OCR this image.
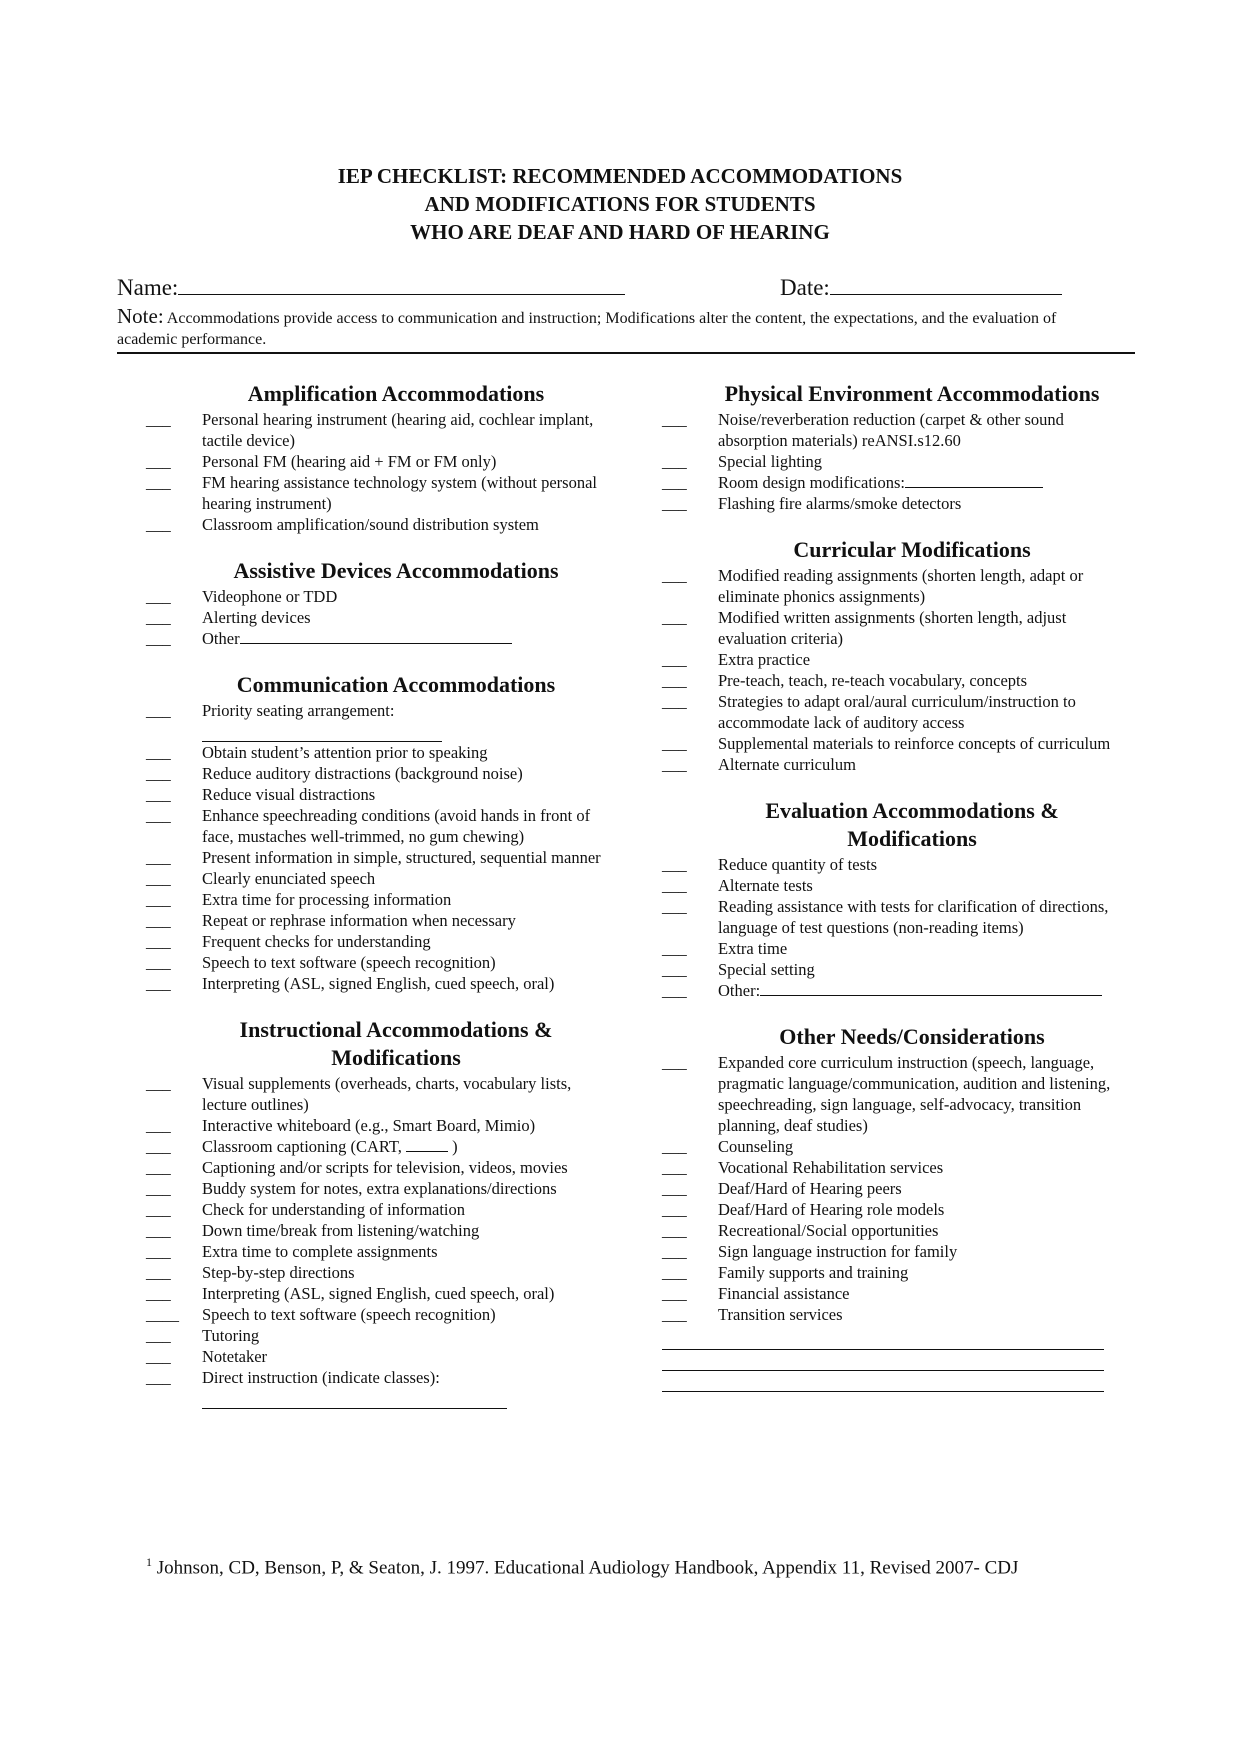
IEP CHECKLIST: RECOMMENDED ACCOMMODATIONS
AND MODIFICATIONS FOR STUDENTS
WHO ARE DEAF AND HARD OF HEARING
Name:	Date:
Note: Accommodations provide access to communication and instruction; Modifications alter the content, the expectations, and the evaluation of academic performance.
Amplification Accommodations
___ Personal hearing instrument (hearing aid, cochlear implant, tactile device)
___ Personal FM (hearing aid + FM or FM only)
___ FM hearing assistance technology system (without personal hearing instrument)
___ Classroom amplification/sound distribution system
Assistive Devices Accommodations
___ Videophone or TDD
___ Alerting devices
___ Other
Communication Accommodations
___ Priority seating arrangement:
___ Obtain student’s attention prior to speaking
___ Reduce auditory distractions (background noise)
___ Reduce visual distractions
___ Enhance speechreading conditions (avoid hands in front of face, mustaches well-trimmed, no gum chewing)
___ Present information in simple, structured, sequential manner
___ Clearly enunciated speech
___ Extra time for processing information
___ Repeat or rephrase information when necessary
___ Frequent checks for understanding
___ Speech to text software (speech recognition)
___ Interpreting (ASL, signed English, cued speech, oral)
Instructional Accommodations &
Modifications
___ Visual supplements (overheads, charts, vocabulary lists, lecture outlines)
___ Interactive whiteboard (e.g., Smart Board, Mimio)
___ Classroom captioning (CART,	)
___ Captioning and/or scripts for television, videos, movies
___ Buddy system for notes, extra explanations/directions
___ Check for understanding of information
___ Down time/break from listening/watching
___ Extra time to complete assignments
___ Step-by-step directions
___ Interpreting (ASL, signed English, cued speech, oral)
____ Speech to text software (speech recognition)
___ Tutoring
___ Notetaker
___ Direct instruction (indicate classes):
Physical Environment Accommodations
___ Noise/reverberation reduction (carpet & other sound absorption materials) reANSI.s12.60
___ Special lighting
___ Room design modifications:
___ Flashing fire alarms/smoke detectors
Curricular Modifications
___ Modified reading assignments (shorten length, adapt or eliminate phonics assignments)
___ Modified written assignments (shorten length, adjust evaluation criteria)
___ Extra practice
___ Pre-teach, teach, re-teach vocabulary, concepts
___ Strategies to adapt oral/aural curriculum/instruction to accommodate lack of auditory access
___ Supplemental materials to reinforce concepts of curriculum
___ Alternate curriculum
Evaluation Accommodations &
Modifications
___ Reduce quantity of tests
___ Alternate tests
___ Reading assistance with tests for clarification of directions, language of test questions (non-reading items)
___ Extra time
___ Special setting
___ Other:
Other Needs/Considerations
___ Expanded core curriculum instruction (speech, language, pragmatic language/communication, audition and listening, speechreading, sign language, self-advocacy, transition planning, deaf studies)
___ Counseling
___ Vocational Rehabilitation services
___ Deaf/Hard of Hearing peers
___ Deaf/Hard of Hearing role models
___ Recreational/Social opportunities
___ Sign language instruction for family
___ Family supports and training
___ Financial assistance
___ Transition services
$^1$ Johnson, CD, Benson, P, & Seaton, J. 1997. Educational Audiology Handbook, Appendix 11, Revised 2007- CDJ
